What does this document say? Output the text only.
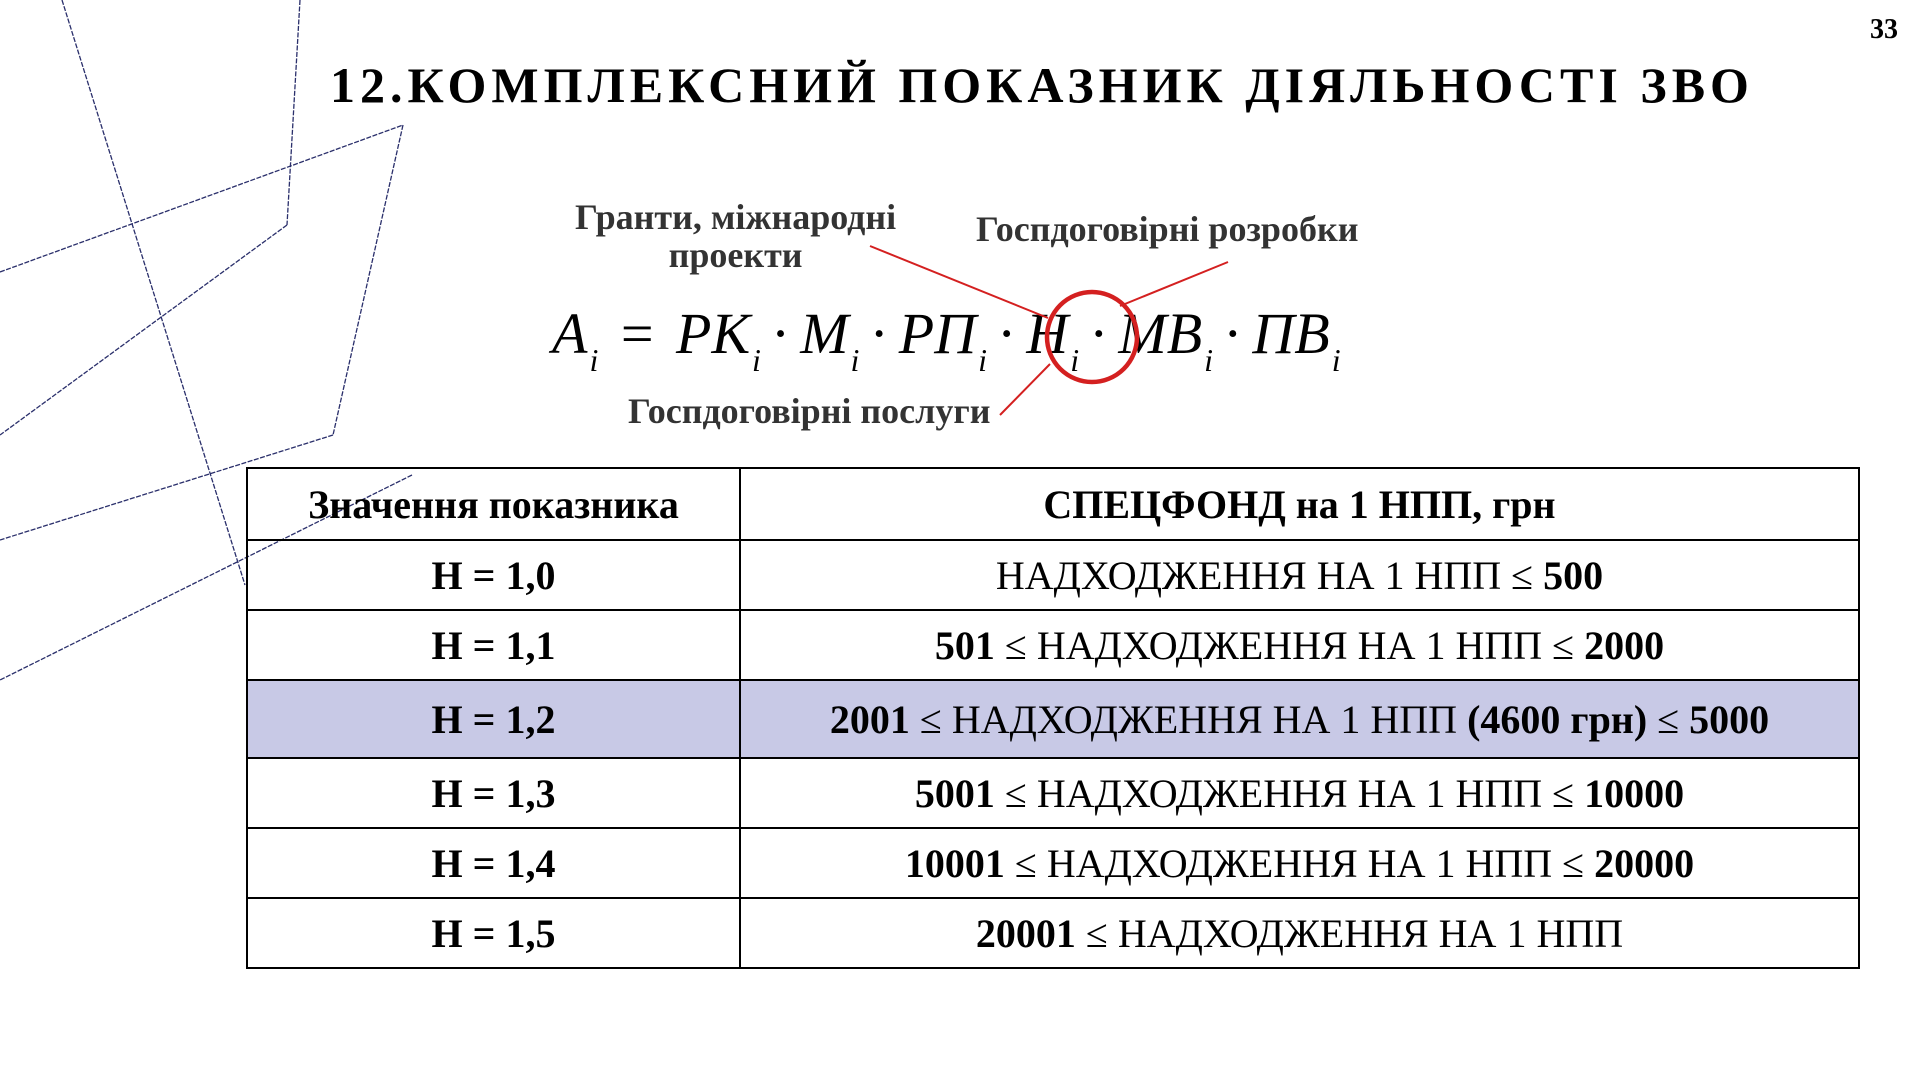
33
12.КОМПЛЕКСНИЙ ПОКАЗНИК ДІЯЛЬНОСТІ ЗВО
Гранти, міжнародні
проекти
Госпдоговірні розробки
Госпдоговірні послуги
$A_i = РК_i \cdot М_i \cdot РП_i \cdot Н_i \cdot МВ_i \cdot ПВ_i$
Значення показника	СПЕЦФОНД на 1 НПП, грн
Н = 1,0	НАДХОДЖЕННЯ НА 1 НПП ≤ 500
Н = 1,1	501 ≤ НАДХОДЖЕННЯ НА 1 НПП ≤ 2000
Н = 1,2	2001 ≤ НАДХОДЖЕННЯ НА 1 НПП (4600 грн) ≤ 5000
Н = 1,3	5001 ≤ НАДХОДЖЕННЯ НА 1 НПП ≤ 10000
Н = 1,4	10001 ≤ НАДХОДЖЕННЯ НА 1 НПП ≤ 20000
Н = 1,5	20001 ≤ НАДХОДЖЕННЯ НА 1 НПП
